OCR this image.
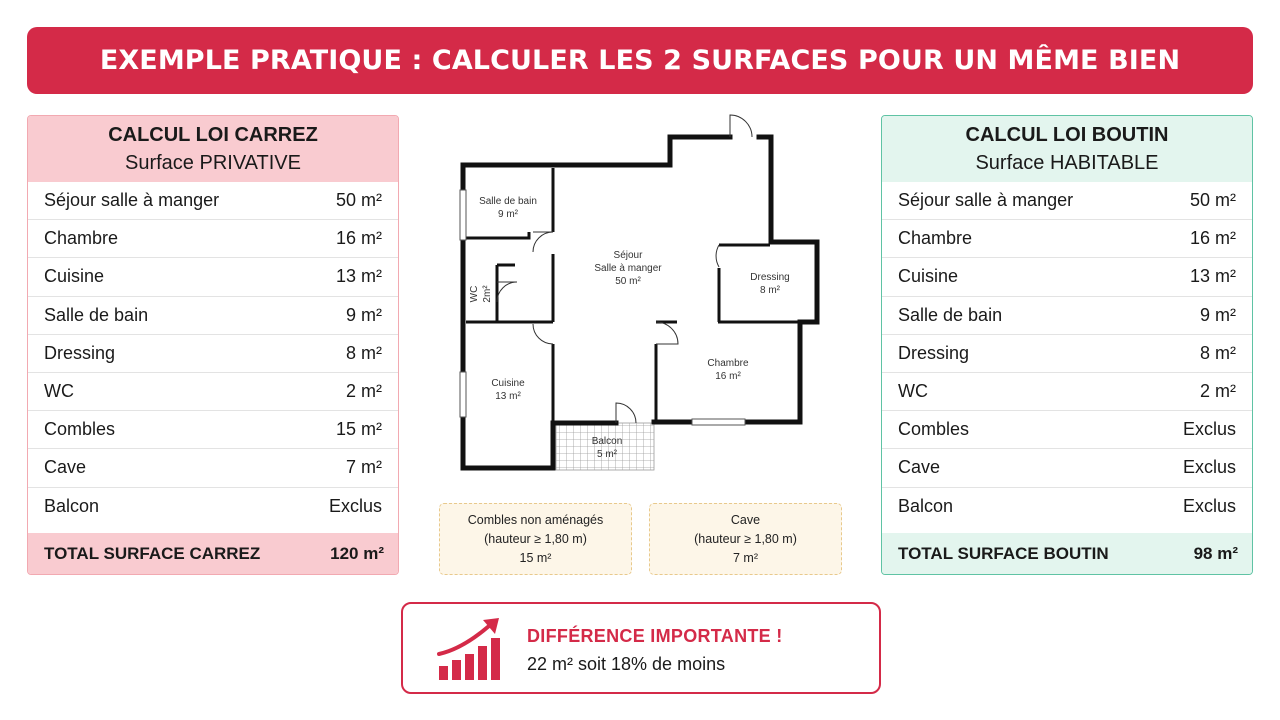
EXEMPLE PRATIQUE : CALCULER LES 2 SURFACES POUR UN MÊME BIEN
CALCUL LOI CARREZ
Surface PRIVATIVE
Séjour salle à manger	50 m²
Chambre	16 m²
Cuisine	13 m²
Salle de bain	9 m²
Dressing	8 m²
WC	2 m²
Combles	15 m²
Cave	7 m²
Balcon	Exclus
TOTAL SURFACE CARREZ	120 m²
Salle de bain
9 m²
Séjour
Salle à manger
50 m²	Dressing
8 m²
WC 2m²
Cuisine
13 m²
Chambre
16 m²
Balcon
5 m²
Combles non aménagés
(hauteur ≥ 1,80 m)
15 m²
Cave
(hauteur ≥ 1,80 m)
7 m²
CALCUL LOI BOUTIN
Surface HABITABLE
Séjour salle à manger	50 m²
Chambre	16 m²
Cuisine	13 m²
Salle de bain	9 m²
Dressing	8 m²
WC	2 m²
Combles	Exclus
Cave	Exclus
Balcon	Exclus
TOTAL SURFACE BOUTIN	98 m²
DIFFÉRENCE IMPORTANTE !
22 m² soit 18% de moins
